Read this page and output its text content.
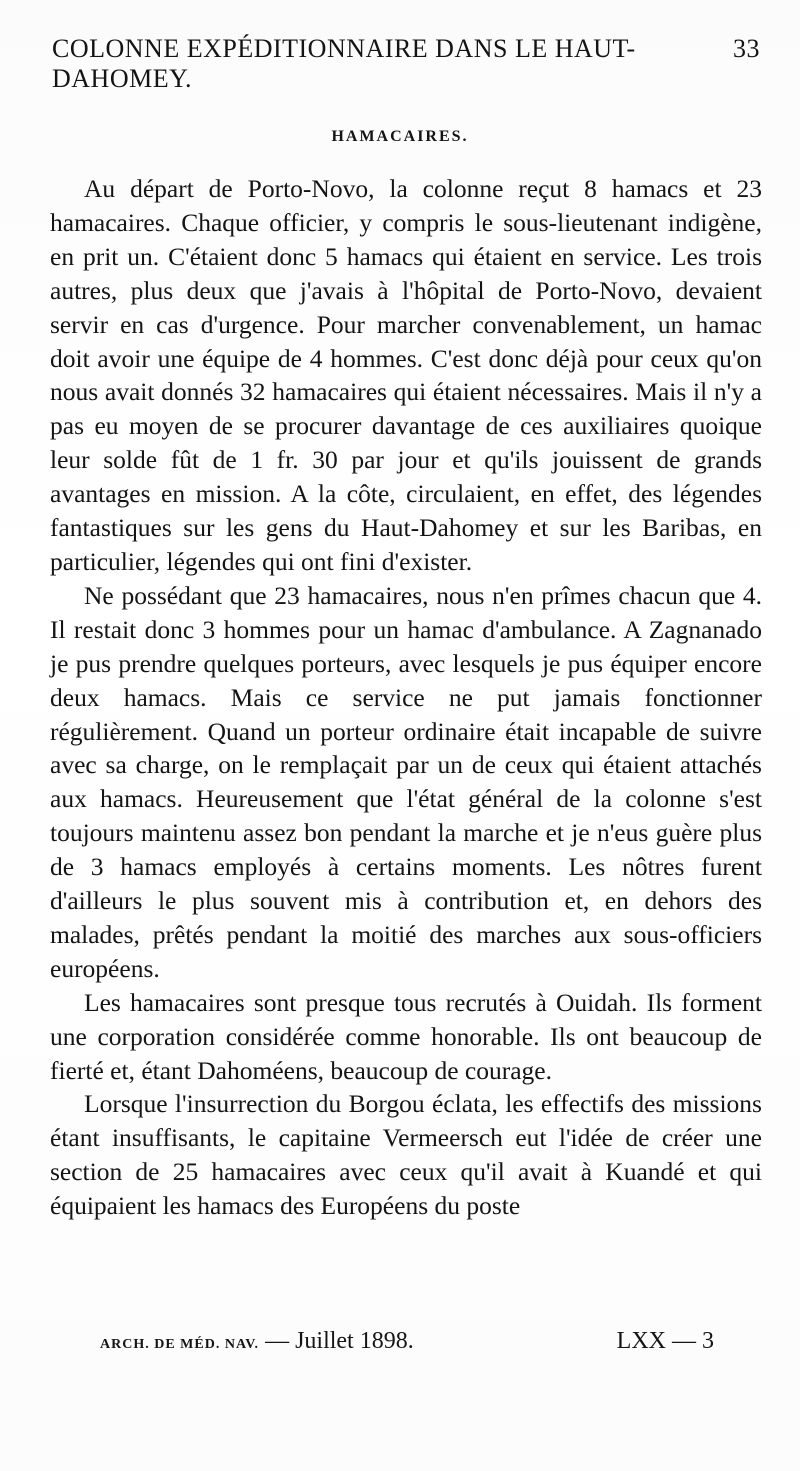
COLONNE EXPÉDITIONNAIRE DANS LE HAUT-DAHOMEY.
33
HAMACAIRES.

Au départ de Porto-Novo, la colonne reçut 8 hamacs et 23 hamacaires. Chaque officier, y compris le sous-lieutenant indigène, en prit un. C'étaient donc 5 hamacs qui étaient en service. Les trois autres, plus deux que j'avais à l'hôpital de Porto-Novo, devaient servir en cas d'urgence. Pour marcher convenablement, un hamac doit avoir une équipe de 4 hommes. C'est donc déjà pour ceux qu'on nous avait donnés 32 hamacaires qui étaient nécessaires. Mais il n'y a pas eu moyen de se procurer davantage de ces auxiliaires quoique leur solde fût de 1 fr. 30 par jour et qu'ils jouissent de grands avantages en mission. A la côte, circulaient, en effet, des légendes fantastiques sur les gens du Haut-Dahomey et sur les Baribas, en particulier, légendes qui ont fini d'exister.

Ne possédant que 23 hamacaires, nous n'en prîmes chacun que 4. Il restait donc 3 hommes pour un hamac d'ambulance. A Zagnanado je pus prendre quelques porteurs, avec lesquels je pus équiper encore deux hamacs. Mais ce service ne put jamais fonctionner régulièrement. Quand un porteur ordinaire était incapable de suivre avec sa charge, on le remplaçait par un de ceux qui étaient attachés aux hamacs. Heureusement que l'état général de la colonne s'est toujours maintenu assez bon pendant la marche et je n'eus guère plus de 3 hamacs employés à certains moments. Les nôtres furent d'ailleurs le plus souvent mis à contribution et, en dehors des malades, prêtés pendant la moitié des marches aux sous-officiers européens.

Les hamacaires sont presque tous recrutés à Ouidah. Ils forment une corporation considérée comme honorable. Ils ont beaucoup de fierté et, étant Dahoméens, beaucoup de courage.

Lorsque l'insurrection du Borgou éclata, les effectifs des missions étant insuffisants, le capitaine Vermeersch eut l'idée de créer une section de 25 hamacaires avec ceux qu'il avait à Kuandé et qui équipaient les hamacs des Européens du poste

ARCH. DE MÉD. NAV. — Juillet 1898.	LXX — 3
